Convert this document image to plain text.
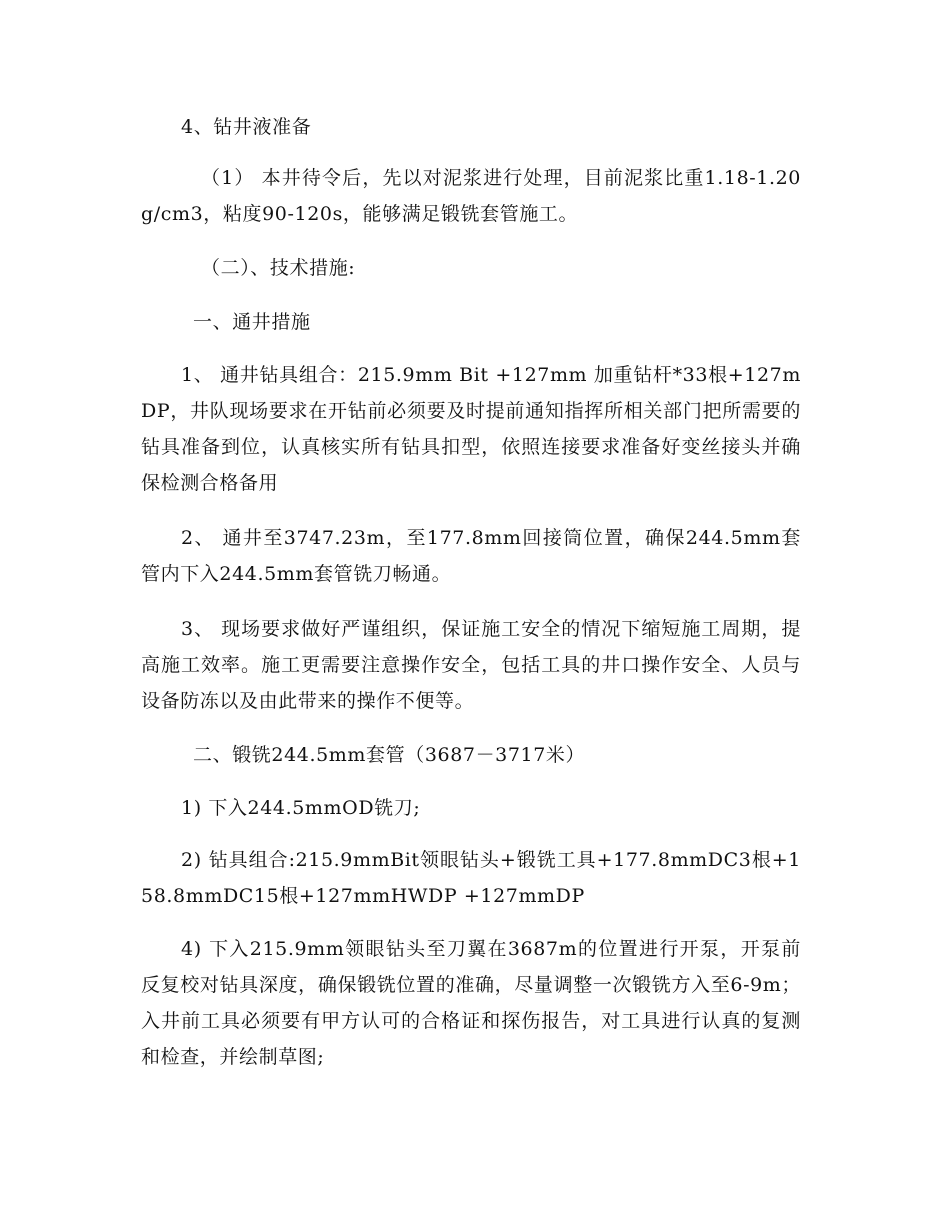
4、钻井液准备

（1） 本井待令后，先以对泥浆进行处理，目前泥浆比重1.18-1.20g/cm3，粘度90-120s，能够满足锻铣套管施工。

（二）、技术措施:

一、通井措施

1、 通井钻具组合：215.9mm Bit +127mm 加重钻杆*33根+127mDP，井队现场要求在开钻前必须要及时提前通知指挥所相关部门把所需要的钻具准备到位，认真核实所有钻具扣型，依照连接要求准备好变丝接头并确保检测合格备用

2、 通井至3747.23m，至177.8mm回接筒位置，确保244.5mm套管内下入244.5mm套管铣刀畅通。

3、 现场要求做好严谨组织，保证施工安全的情况下缩短施工周期，提高施工效率。施工更需要注意操作安全，包括工具的井口操作安全、人员与设备防冻以及由此带来的操作不便等。

二、锻铣244.5mm套管（3687－3717米）

1) 下入244.5mmOD铣刀;

2) 钻具组合:215.9mmBit领眼钻头+锻铣工具+177.8mmDC3根+158.8mmDC15根+127mmHWDP +127mmDP

4) 下入215.9mm领眼钻头至刀翼在3687m的位置进行开泵，开泵前反复校对钻具深度，确保锻铣位置的准确，尽量调整一次锻铣方入至6-9m；入井前工具必须要有甲方认可的合格证和探伤报告，对工具进行认真的复测和检查，并绘制草图;
